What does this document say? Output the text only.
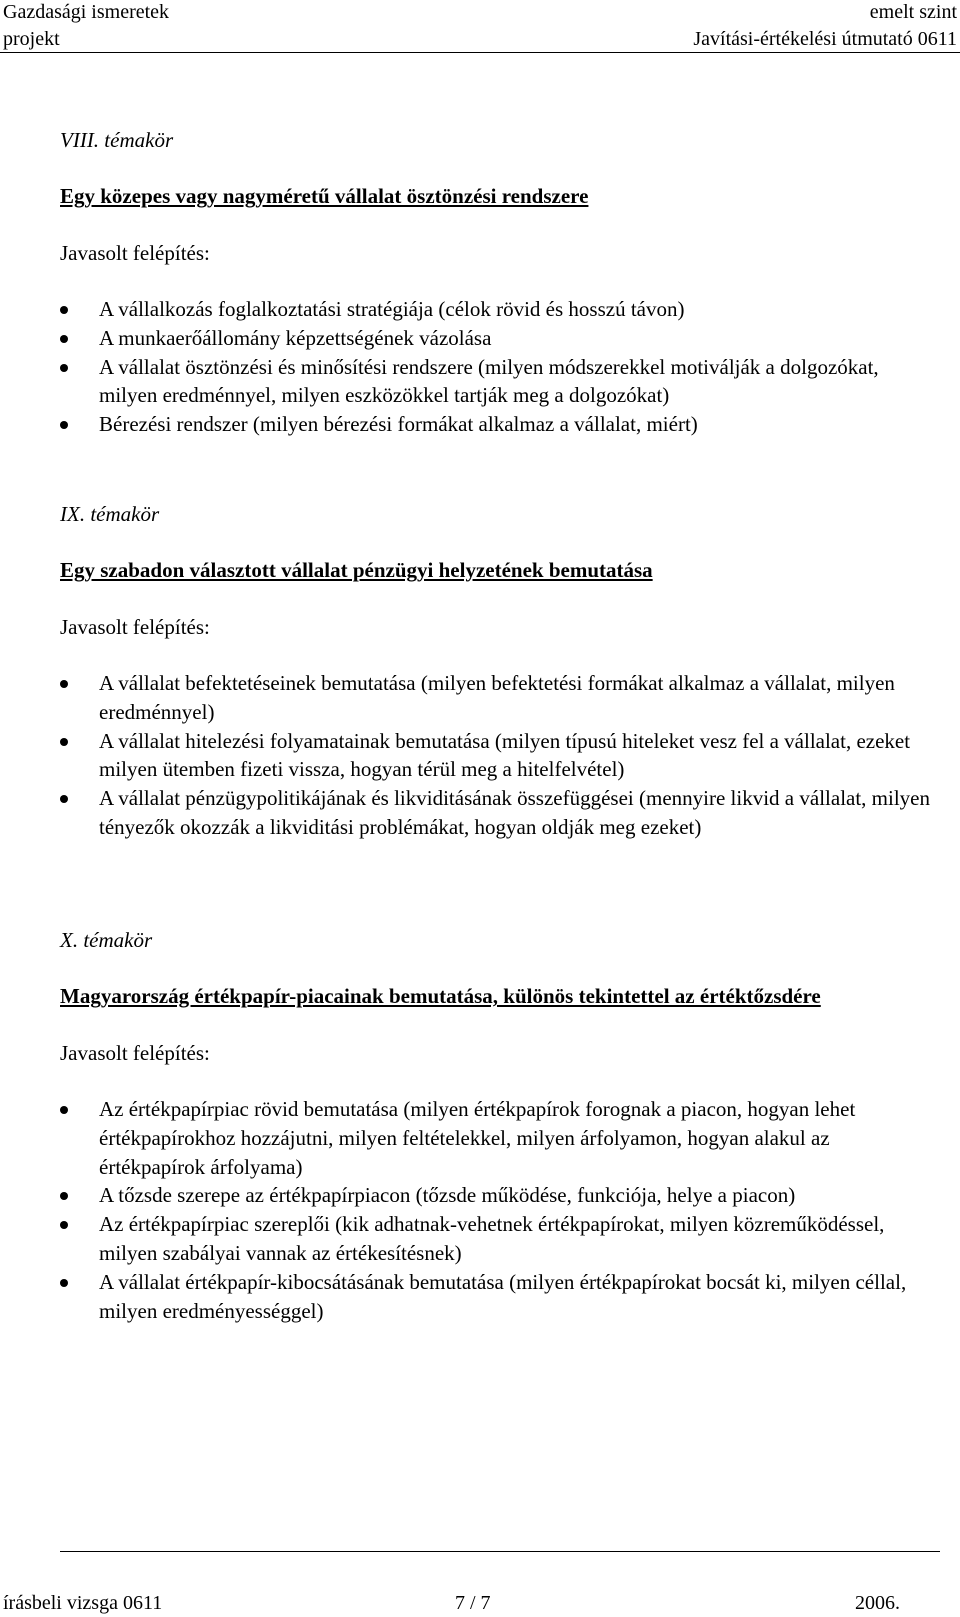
Gazdasági ismeretek	emelt szint
projekt	Javítási-értékelési útmutató 0611
VIII. témakör
Egy közepes vagy nagyméretű vállalat ösztönzési rendszere
Javasolt felépítés:
A vállalkozás foglalkoztatási stratégiája (célok rövid és hosszú távon)
A munkaerőállomány képzettségének vázolása
A vállalat ösztönzési és minősítési rendszere (milyen módszerekkel motiválják a dolgozókat, milyen eredménnyel, milyen eszközökkel tartják meg a dolgozókat)
Bérezési rendszer (milyen bérezési formákat alkalmaz a vállalat, miért)
IX. témakör
Egy szabadon választott vállalat pénzügyi helyzetének bemutatása
Javasolt felépítés:
A vállalat befektetéseinek bemutatása (milyen befektetési formákat alkalmaz a vállalat, milyen eredménnyel)
A vállalat hitelezési folyamatainak bemutatása (milyen típusú hiteleket vesz fel a vállalat, ezeket milyen ütemben fizeti vissza, hogyan térül meg a hitelfelvétel)
A vállalat pénzügypolitikájának és likviditásának összefüggései (mennyire likvid a vállalat, milyen tényezők okozzák a likviditási problémákat, hogyan oldják meg ezeket)
X. témakör
Magyarország értékpapír-piacainak bemutatása, különös tekintettel az értéktőzsdére
Javasolt felépítés:
Az értékpapírpiac rövid bemutatása (milyen értékpapírok forognak a piacon, hogyan lehet értékpapírokhoz hozzájutni, milyen feltételekkel, milyen árfolyamon, hogyan alakul az értékpapírok árfolyama)
A tőzsde szerepe az értékpapírpiacon (tőzsde működése, funkciója, helye a piacon)
Az értékpapírpiac szereplői (kik adhatnak-vehetnek értékpapírokat, milyen közreműködéssel, milyen szabályai vannak az értékesítésnek)
A vállalat értékpapír-kibocsátásának bemutatása (milyen értékpapírokat bocsát ki, milyen céllal, milyen eredményességgel)
írásbeli vizsga 0611	7 / 7	2006.
